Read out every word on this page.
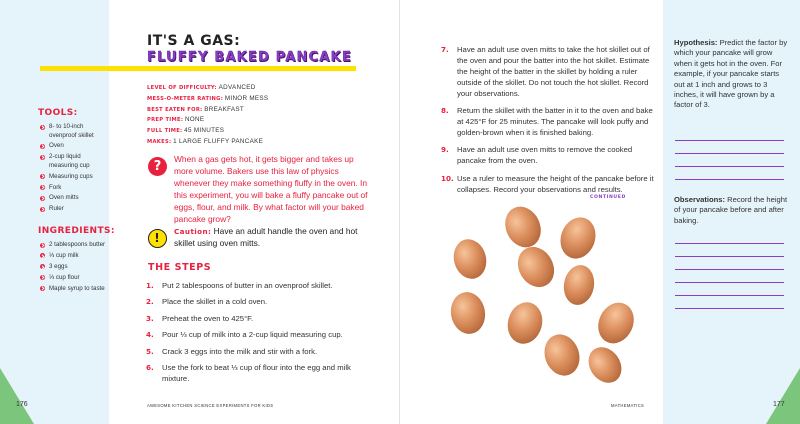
TOOLS:
8- to 10-inch ovenproof skillet
Oven
2-cup liquid measuring cup
Measuring cups
Fork
Oven mitts
Ruler
INGREDIENTS:
2 tablespoons butter
⅓ cup milk
3 eggs
⅓ cup flour
Maple syrup to taste
IT'S A GAS:
FLUFFY BAKED PANCAKE
LEVEL OF DIFFICULTY: ADVANCED
MESS-O-METER RATING: MINOR MESS
BEST EATEN FOR: BREAKFAST
PREP TIME: NONE
FULL TIME: 45 MINUTES
MAKES: 1 LARGE FLUFFY PANCAKE
?	When a gas gets hot, it gets bigger and takes up more volume. Bakers use this law of physics whenever they make something fluffy in the oven. In this experiment, you will bake a fluffy pancake out of eggs, flour, and milk. By what factor will your baked pancake grow?

!	Caution: Have an adult handle the oven and hot skillet using oven mitts.

THE STEPS
1. Put 2 tablespoons of butter in an ovenproof skillet.
2. Place the skillet in a cold oven.
3. Preheat the oven to 425°F.
4. Pour ⅓ cup of milk into a 2-cup liquid measuring cup.
5. Crack 3 eggs into the milk and stir with a fork.
6. Use the fork to beat ⅓ cup of flour into the egg and milk mixture.
176	AWESOME KITCHEN SCIENCE EXPERIMENTS FOR KIDS
7. Have an adult use oven mitts to take the hot skillet out of the oven and pour the batter into the hot skillet. Estimate the height of the batter in the skillet by holding a ruler outside of the skillet. Do not touch the hot skillet. Record your observations.
8. Return the skillet with the batter in it to the oven and bake at 425°F for 25 minutes. The pancake will look puffy and golden-brown when it is finished baking.
9. Have an adult use oven mitts to remove the cooked pancake from the oven.
10. Use a ruler to measure the height of the pancake before it collapses. Record your observations and results.
CONTINUED

Hypothesis: Predict the factor by which your pancake will grow when it gets hot in the oven. For example, if your pancake starts out at 1 inch and grows to 3 inches, it will have grown by a factor of 3.

Observations: Record the height of your pancake before and after baking.

177
MATHEMATICS
